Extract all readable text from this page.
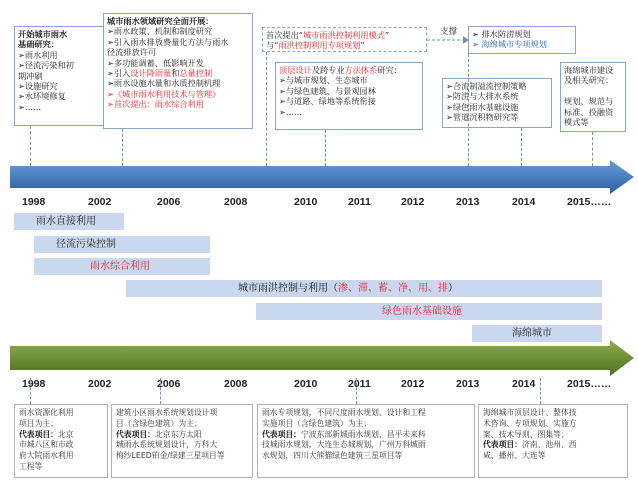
开始城市雨水
基础研究：
➢雨水利用
➢径流污染和初
期冲刷
➢设施研究
➢水环境修复
➢……
城市雨水领域研究全面开展：
➢雨水政策、机制和制度研究
➢引入雨水排放费量化方法与雨水
径流排放许可
➢多功能调蓄、低影响开发
➢引入设计降雨量和总量控制
➢雨水设施水量和水质控制机理
➢《城市雨水利用技术与管理》
➢首次提出：雨水综合利用
首次提出“城市雨洪控制利用模式”
与“雨洪控制利用专项规划”
支撑 ➢ 排水防涝规划
➢ 海绵城市专项规划
顶层设计及跨专业方法体系研究：
➢与城市规划、生态城市
➢与绿色建筑、与景观园林
➢与道路、绿地等系统衔接
➢……
➢合流制溢流控制策略
➢防涝与大排水系统
➢绿色雨水基础设施
➢管道沉积物研究等
海绵城市建设
及相关研究：

规划、规范与
标准、投融资
模式等
1998	2002	2006	2008	2010	2011	2012	2013	2014	2015……
雨水直接利用
径流污染控制
雨水综合利用
城市雨洪控制与利用（渗、滞、蓄、净、用、排）
绿色雨水基础设施
海绵城市
1998	2002	2006	2008	2010	2011	2012	2013	2014	2015……
雨水资源化利用
项目为主；
代表项目：北京
市城八区和市政
府大院雨水利用
工程等
建筑小区雨水系统规划设计项
目（含绿色建筑）为主；
代表项目：北京东方太阳
城雨水系统规划设计，万科大
梅沙LEED铂金/绿建三星项目等
雨水专项规划，不同尺度雨水规划、设计和工程
实施项目（含绿色建筑）为主；
代表项目：宁波东部新城雨水规划，昌平未来科
技城雨水规划，大连生态城规划，广州万科城雨
水规划，四川大熊猫绿色建筑三星项目等
海绵城市顶层设计、整体技
术咨询、专项规划、实施方
案、技术导则、图集等；
代表项目：济南、池州、西
咸、播州、大连等
